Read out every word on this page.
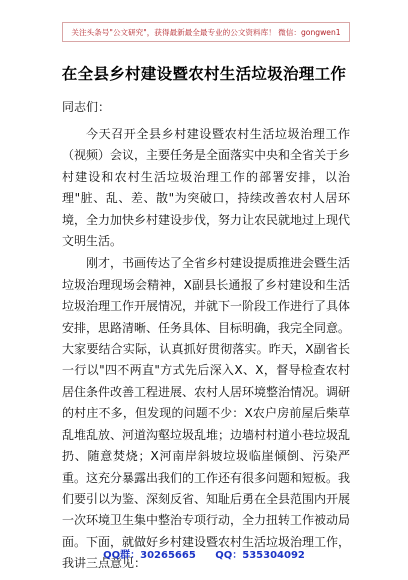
关注头条号"公文研究"，获得最新最全最专业的公文资料库！ 微信：gongwen1
在全县乡村建设暨农村生活垃圾治理工作
同志们：

今天召开全县乡村建设暨农村生活垃圾治理工作（视频）会议，主要任务是全面落实中央和全省关于乡村建设和农村生活垃圾治理工作的部署安排，以治理"脏、乱、差、散"为突破口，持续改善农村人居环境，全力加快乡村建设步伐，努力让农民就地过上现代文明生活。

刚才，书画传达了全省乡村建设提质推进会暨生活垃圾治理现场会精神，X副县长通报了乡村建设和生活垃圾治理工作开展情况，并就下一阶段工作进行了具体安排，思路清晰、任务具体、目标明确，我完全同意。大家要结合实际，认真抓好贯彻落实。昨天，X副省长一行以"四不两直"方式先后深入X、X，督导检查农村居住条件改善工程进展、农村人居环境整治情况。调研的村庄不多，但发现的问题不少：X农户房前屋后柴草乱堆乱放、河道沟壑垃圾乱堆；边墙村村道小巷垃圾乱扔、随意焚烧；X河南岸斜坡垃圾临崖倾倒、污染严重。这充分暴露出我们的工作还有很多问题和短板。我们要引以为鉴、深刻反省、知耻后勇在全县范围内开展一次环境卫生集中整治专项行动，全力扭转工作被动局面。下面，就做好乡村建设暨农村生活垃圾治理工作，我讲三点意见：

QQ群：30265665 QQ：535304092
